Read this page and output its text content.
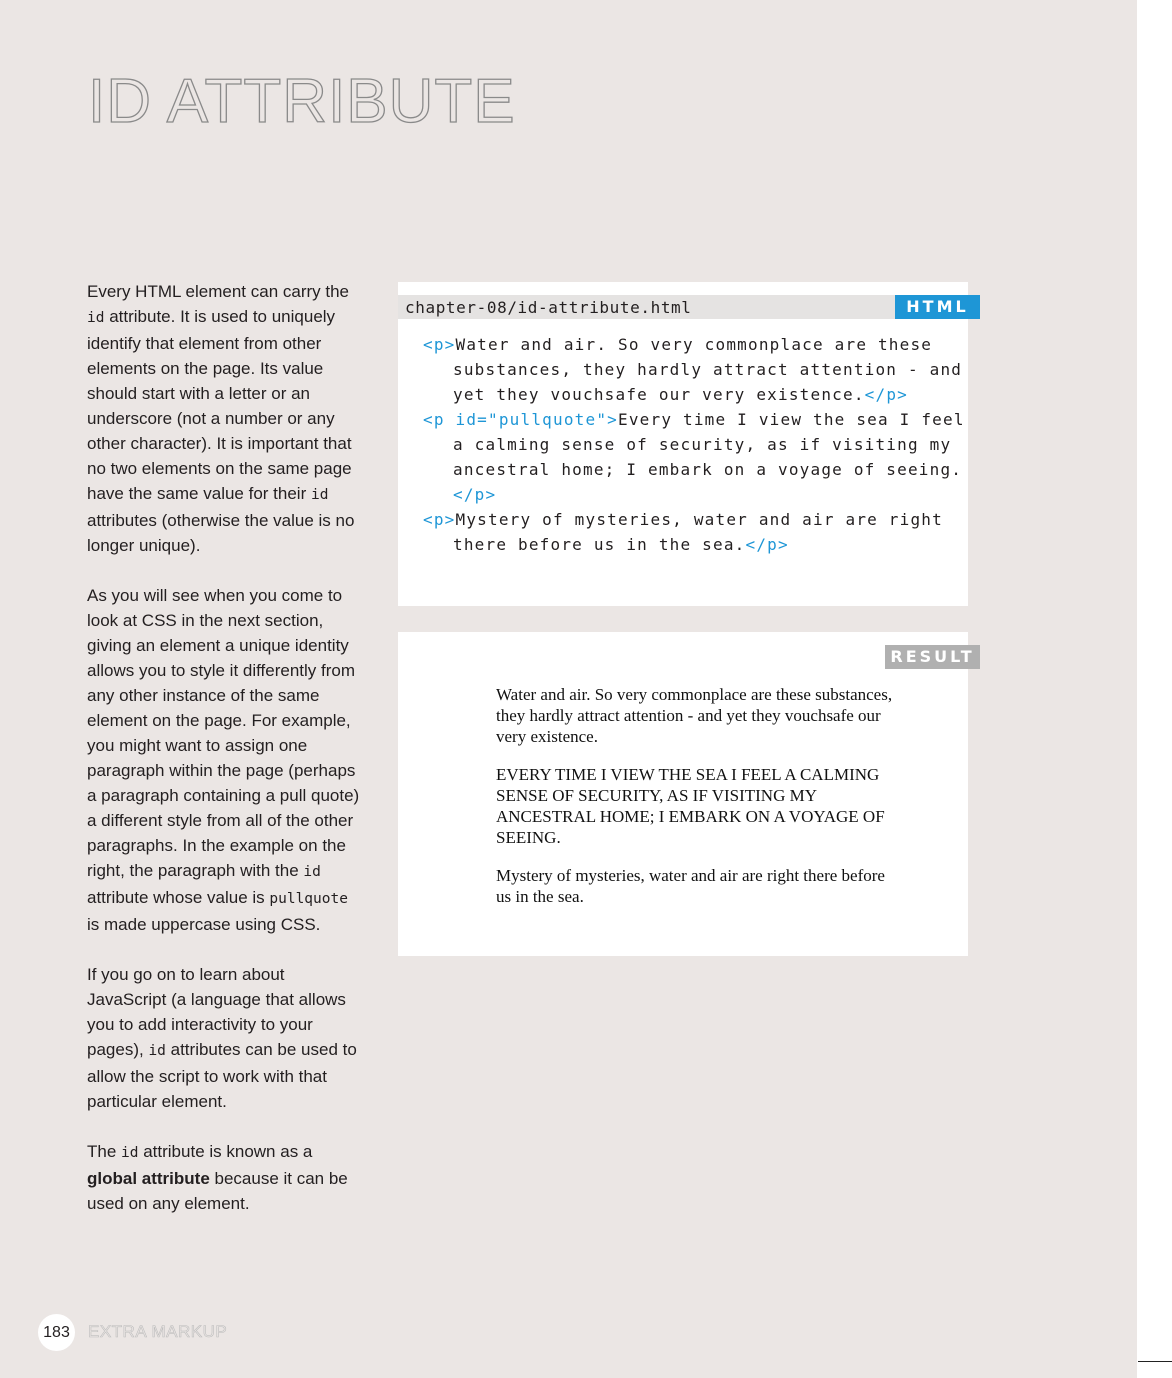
ID ATTRIBUTE

Every HTML element can carry the id attribute. It is used to uniquely identify that element from other elements on the page. Its value should start with a letter or an underscore (not a number or any other character). It is important that no two elements on the same page have the same value for their id attributes (otherwise the value is no longer unique).

As you will see when you come to look at CSS in the next section, giving an element a unique identity allows you to style it differently from any other instance of the same element on the page. For example, you might want to assign one paragraph within the page (perhaps a paragraph containing a pull quote) a different style from all of the other paragraphs. In the example on the right, the paragraph with the id attribute whose value is pullquote is made uppercase using CSS.

If you go on to learn about JavaScript (a language that allows you to add interactivity to your pages), id attributes can be used to allow the script to work with that particular element.

The id attribute is known as a global attribute because it can be used on any element.

chapter-08/id-attribute.html	HTML
<p>Water and air. So very commonplace are these
substances, they hardly attract attention - and
yet they vouchsafe our very existence.</p>
<p id="pullquote">Every time I view the sea I feel
a calming sense of security, as if visiting my
ancestral home; I embark on a voyage of seeing.
</p>
<p>Mystery of mysteries, water and air are right
there before us in the sea.</p>
RESULT

Water and air. So very commonplace are these substances, they hardly attract attention - and yet they vouchsafe our very existence.

EVERY TIME I VIEW THE SEA I FEEL A CALMING SENSE OF SECURITY, AS IF VISITING MY ANCESTRAL HOME; I EMBARK ON A VOYAGE OF SEEING.

Mystery of mysteries, water and air are right there before us in the sea.

183	EXTRA MARKUP
